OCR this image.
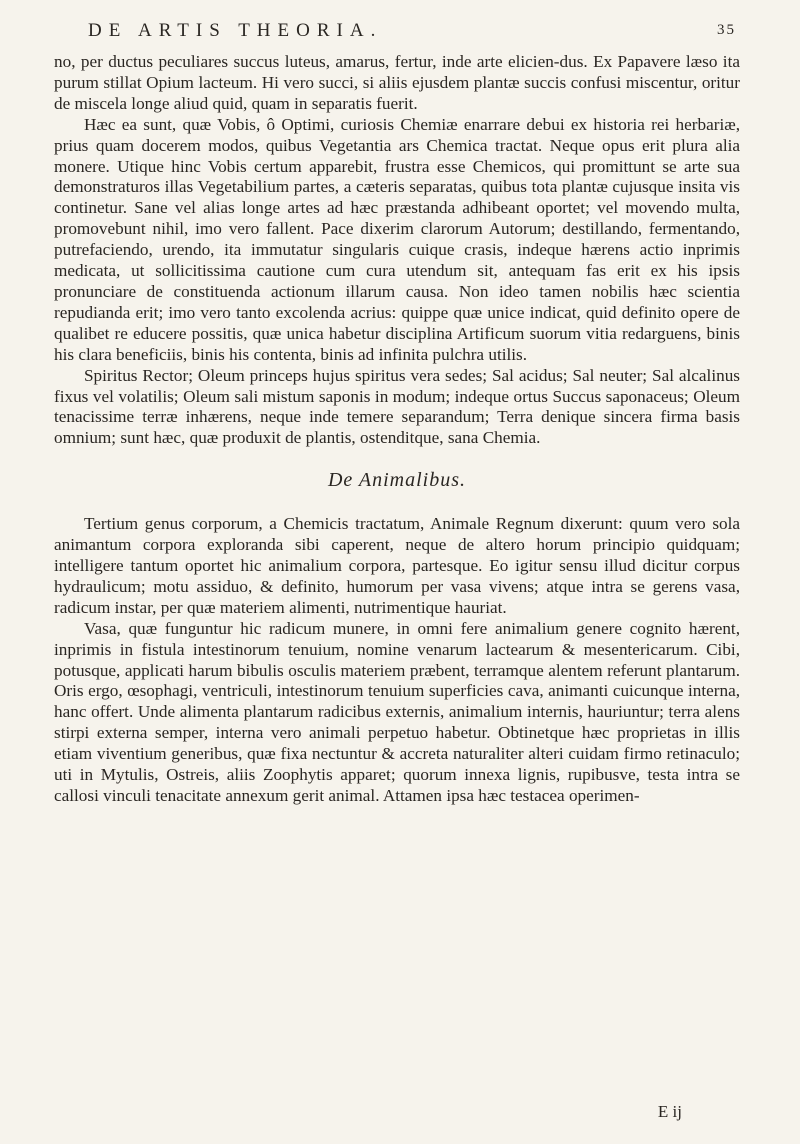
DE ARTIS THEORIA.	35

no, per ductus peculiares succus luteus, amarus, fertur, inde arte elicien-dus. Ex Papavere læso ita purum stillat Opium lacteum. Hi vero succi, si aliis ejusdem plantæ succis confusi miscentur, oritur de miscela longe aliud quid, quam in separatis fuerit.

Hæc ea sunt, quæ Vobis, ô Optimi, curiosis Chemiæ enarrare debui ex historia rei herbariæ, prius quam docerem modos, quibus Vegetantia ars Chemica tractat. Neque opus erit plura alia monere. Utique hinc Vobis certum apparebit, frustra esse Chemicos, qui promittunt se arte sua demonstraturos illas Vegetabilium partes, a cæteris separatas, quibus tota plantæ cujusque insita vis continetur. Sane vel alias longe artes ad hæc præstanda adhibeant oportet; vel movendo multa, promovebunt nihil, imo vero fallent. Pace dixerim clarorum Autorum; destillando, fermentando, putrefaciendo, urendo, ita immutatur singularis cuique crasis, indeque hærens actio inprimis medicata, ut sollicitissima cautione cum cura utendum sit, antequam fas erit ex his ipsis pronunciare de constituenda actionum illarum causa. Non ideo tamen nobilis hæc scientia repudianda erit; imo vero tanto excolenda acrius: quippe quæ unice indicat, quid definito opere de qualibet re educere possitis, quæ unica habetur disciplina Artificum suorum vitia redarguens, binis his clara beneficiis, binis his contenta, binis ad infinita pulchra utilis.

Spiritus Rector; Oleum princeps hujus spiritus vera sedes; Sal acidus; Sal neuter; Sal alcalinus fixus vel volatilis; Oleum sali mistum saponis in modum; indeque ortus Succus saponaceus; Oleum tenacissime terræ inhærens, neque inde temere separandum; Terra denique sincera firma basis omnium; sunt hæc, quæ produxit de plantis, ostenditque, sana Chemia.

De Animalibus.

Tertium genus corporum, a Chemicis tractatum, Animale Regnum dixerunt: quum vero sola animantum corpora exploranda sibi caperent, neque de altero horum principio quidquam; intelligere tantum oportet hic animalium corpora, partesque. Eo igitur sensu illud dicitur corpus hydraulicum; motu assiduo, & definito, humorum per vasa vivens; atque intra se gerens vasa, radicum instar, per quæ materiem alimenti, nutrimentique hauriat.

Vasa, quæ funguntur hic radicum munere, in omni fere animalium genere cognito hærent, inprimis in fistula intestinorum tenuium, nomine venarum lactearum & mesentericarum. Cibi, potusque, applicati harum bibulis osculis materiem præbent, terramque alentem referunt plantarum. Oris ergo, œsophagi, ventriculi, intestinorum tenuium superficies cava, animanti cuicunque interna, hanc offert. Unde alimenta plantarum radicibus externis, animalium internis, hauriuntur; terra alens stirpi externa semper, interna vero animali perpetuo habetur. Obtinetque hæc proprietas in illis etiam viventium generibus, quæ fixa nectuntur & accreta naturaliter alteri cuidam firmo retinaculo; uti in Mytulis, Ostreis, aliis Zoophytis apparet; quorum innexa lignis, rupibusve, testa intra se callosi vinculi tenacitate annexum gerit animal. Attamen ipsa hæc testacea operimen-

E ij
